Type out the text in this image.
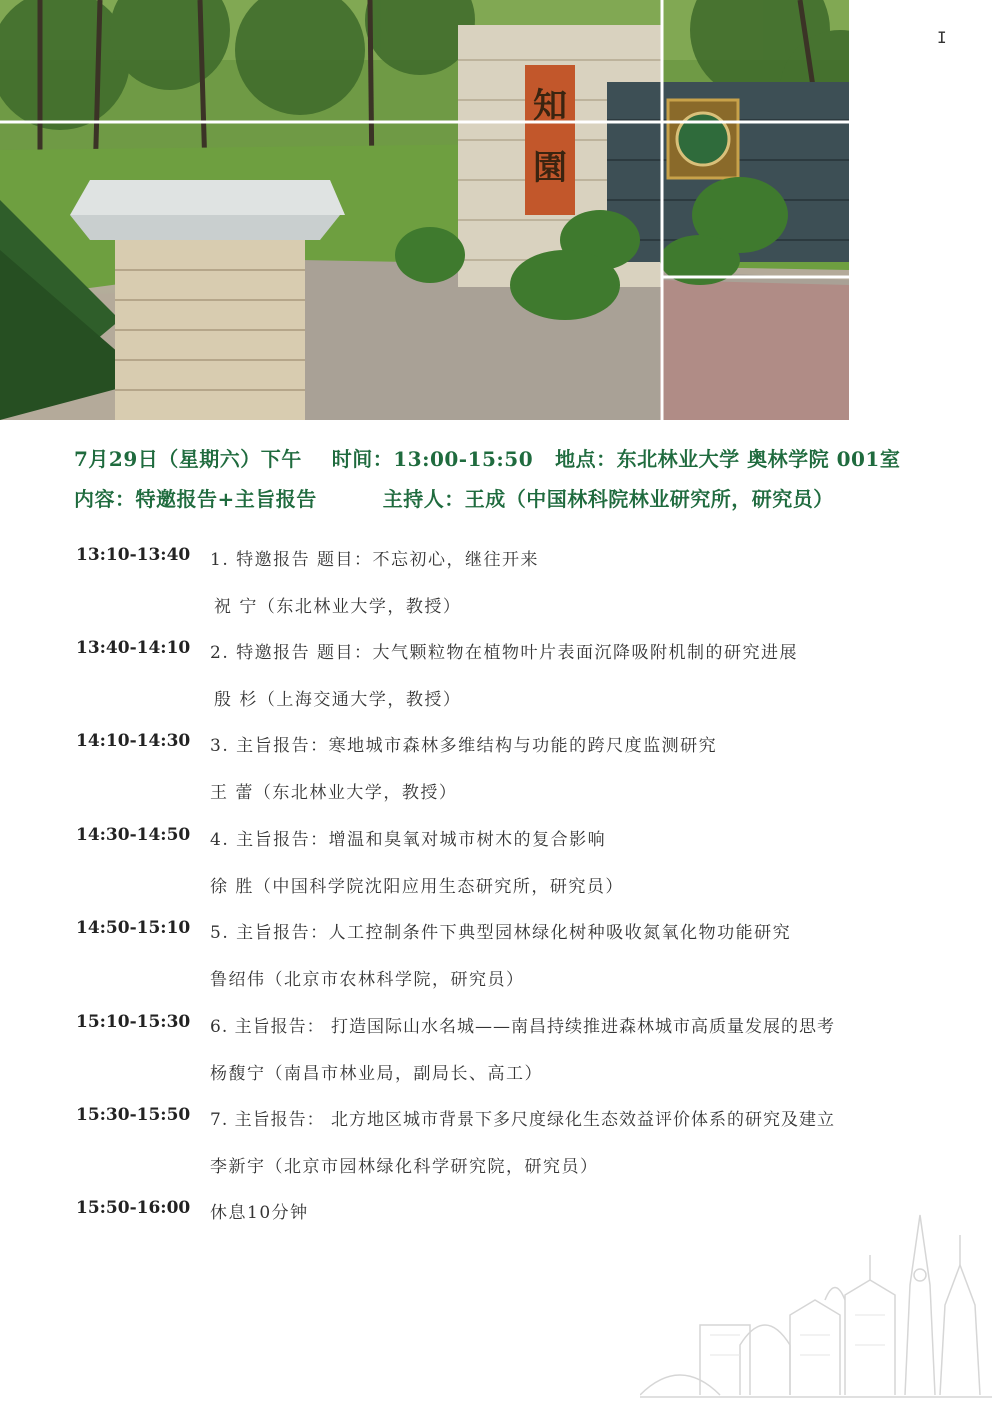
知
園
I
7月29日（星期六）下午 时间：13:00-15:50 地点：东北林业大学 奥林学院 001室
内容：特邀报告+主旨报告	主持人：王成（中国林科院林业研究所，研究员）
13:10-13:40 1. 特邀报告 题目：不忘初心，继往开来
祝 宁（东北林业大学，教授）
13:40-14:10 2. 特邀报告 题目：大气颗粒物在植物叶片表面沉降吸附机制的研究进展
殷 杉（上海交通大学，教授）
14:10-14:30 3. 主旨报告：寒地城市森林多维结构与功能的跨尺度监测研究
王 蕾（东北林业大学，教授）
14:30-14:50 4. 主旨报告：增温和臭氧对城市树木的复合影响
徐 胜（中国科学院沈阳应用生态研究所，研究员）
14:50-15:10 5. 主旨报告：人工控制条件下典型园林绿化树种吸收氮氧化物功能研究
鲁绍伟（北京市农林科学院，研究员）
15:10-15:30 6. 主旨报告： 打造国际山水名城——南昌持续推进森林城市高质量发展的思考
杨馥宁（南昌市林业局，副局长、高工）
15:30-15:50 7. 主旨报告： 北方地区城市背景下多尺度绿化生态效益评价体系的研究及建立
李新宇（北京市园林绿化科学研究院，研究员）
15:50-16:00 休息10分钟
